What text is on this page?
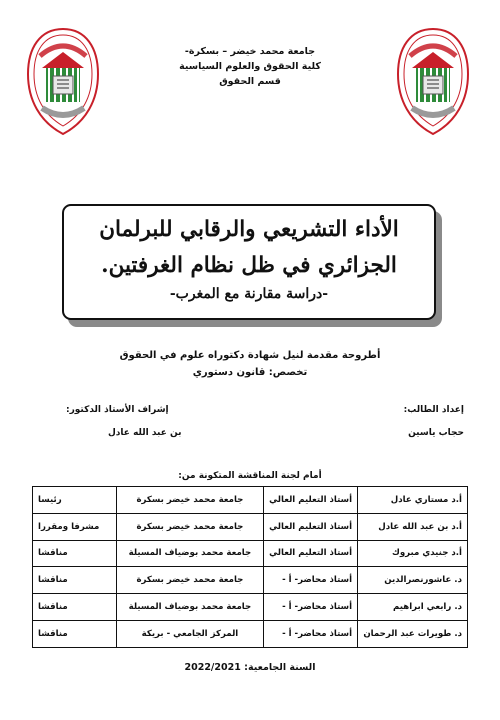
جامعة محمد خيضر – بسكرة-
كلية الحقوق والعلوم السياسية
قسم الحقوق
الأداء التشريعي والرقابي للبرلمان
الجزائري في ظل نظام الغرفتين.
-دراسة مقارنة مع المغرب-
أطروحة مقدمة لنيل شهادة دكتوراه علوم في الحقوق
تخصص: قانون دستوري
إعداد الطالب:
حجاب ياسين
إشراف الأستاذ الدكتور:
بن عبد الله عادل
أمام لجنة المناقشة المتكونة من:
أ.د مستاري عادل	أستاذ التعليم العالي	جامعة محمد خيضر بسكرة	رئيسا
أ.د بن عبد الله عادل	أستاذ التعليم العالي	جامعة محمد خيضر بسكرة	مشرفا ومقررا
أ.د جنيدي مبروك	أستاذ التعليم العالي	جامعة محمد بوضياف المسيلة	مناقشا
د. عاشورنصرالدين	أستاذ محاضر- أ -	جامعة محمد خيضر بسكرة	مناقشا
د. رابعي ابراهيم	أستاذ محاضر- أ -	جامعة محمد بوضياف المسيلة	مناقشا
د. طويرات عبد الرحمان	أستاذ محاضر- أ -	المركز الجامعي - بريكة	مناقشا
السنة الجامعية: 2022/2021
